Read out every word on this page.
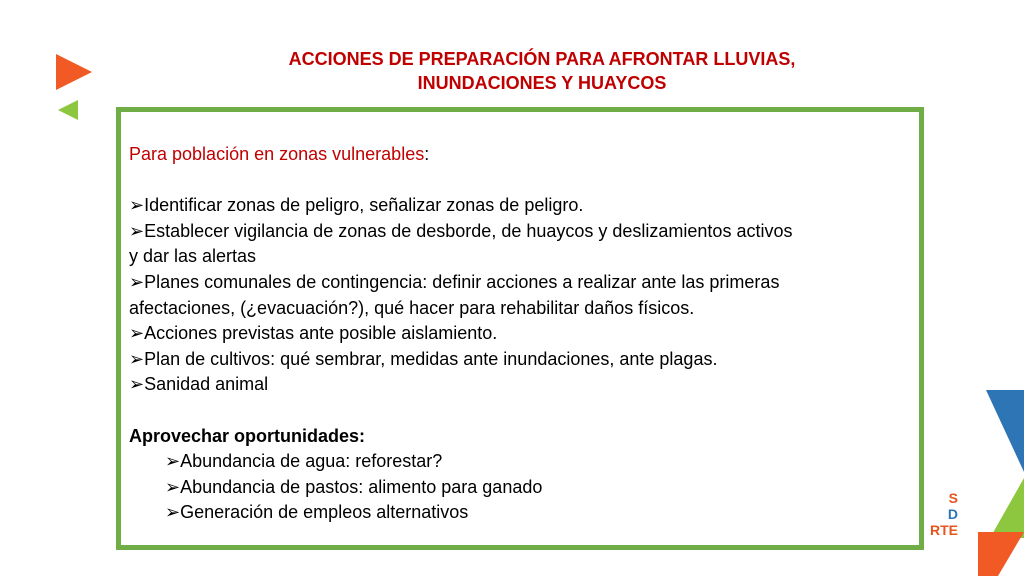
ACCIONES DE PREPARACIÓN PARA AFRONTAR LLUVIAS,
INUNDACIONES Y HUAYCOS
Para población en zonas vulnerables:
➢Identificar zonas de peligro, señalizar zonas de peligro.
➢Establecer vigilancia de zonas de desborde, de huaycos y deslizamientos activos
y dar las alertas
➢Planes comunales de contingencia: definir acciones a realizar ante las primeras
afectaciones, (¿evacuación?), qué hacer para rehabilitar daños físicos.
➢Acciones previstas ante posible aislamiento.
➢Plan de cultivos: qué sembrar, medidas ante inundaciones, ante plagas.
➢Sanidad animal
Aprovechar oportunidades:
➢Abundancia de agua: reforestar?
➢Abundancia de pastos: alimento para ganado
➢Generación de empleos alternativos
S
D
RTE
